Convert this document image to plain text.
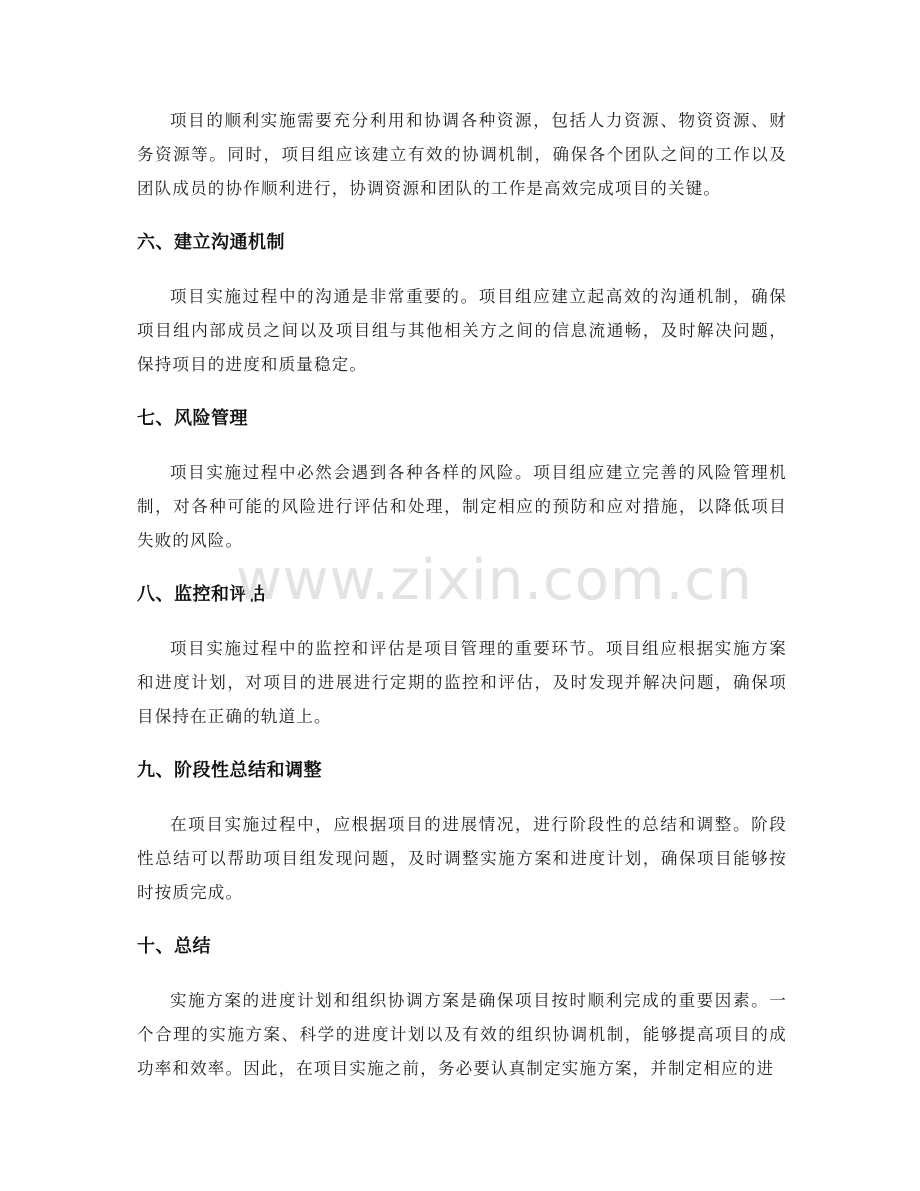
项目的顺利实施需要充分利用和协调各种资源，包括人力资源、物资资源、财务资源等。同时，项目组应该建立有效的协调机制，确保各个团队之间的工作以及团队成员的协作顺利进行，协调资源和团队的工作是高效完成项目的关键。

六、建立沟通机制

项目实施过程中的沟通是非常重要的。项目组应建立起高效的沟通机制，确保项目组内部成员之间以及项目组与其他相关方之间的信息流通畅，及时解决问题，保持项目的进度和质量稳定。

七、风险管理

项目实施过程中必然会遇到各种各样的风险。项目组应建立完善的风险管理机制，对各种可能的风险进行评估和处理，制定相应的预防和应对措施，以降低项目失败的风险。

八、监控和评估

项目实施过程中的监控和评估是项目管理的重要环节。项目组应根据实施方案和进度计划，对项目的进展进行定期的监控和评估，及时发现并解决问题，确保项目保持在正确的轨道上。

九、阶段性总结和调整

在项目实施过程中，应根据项目的进展情况，进行阶段性的总结和调整。阶段性总结可以帮助项目组发现问题，及时调整实施方案和进度计划，确保项目能够按时按质完成。

十、总结

实施方案的进度计划和组织协调方案是确保项目按时顺利完成的重要因素。一个合理的实施方案、科学的进度计划以及有效的组织协调机制，能够提高项目的成功率和效率。因此，在项目实施之前，务必要认真制定实施方案，并制定相应的进

www.zixin.com.cn
